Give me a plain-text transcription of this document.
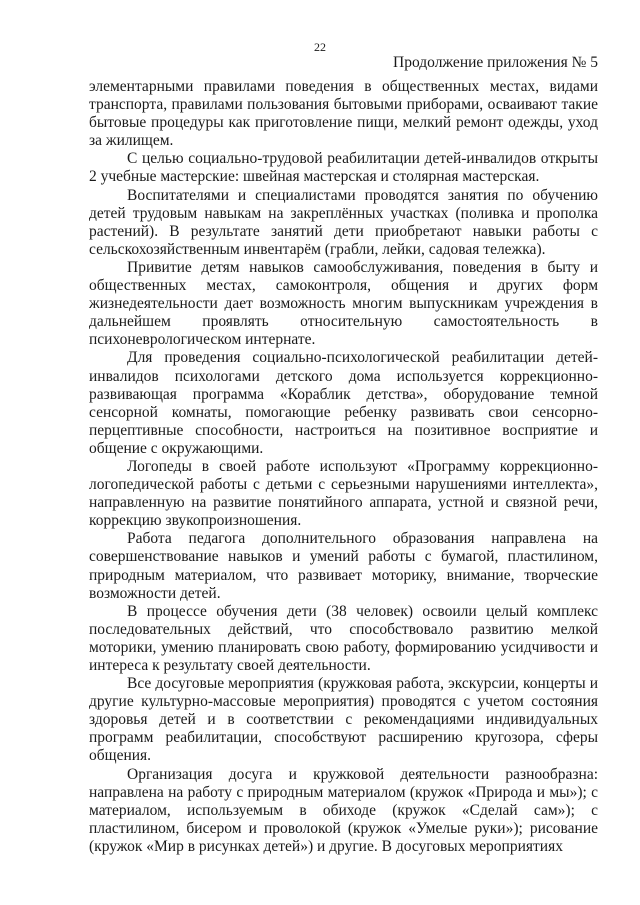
22
Продолжение приложения № 5

элементарными правилами поведения в общественных местах, видами транспорта, правилами пользования бытовыми приборами, осваивают такие бытовые процедуры как приготовление пищи, мелкий ремонт одежды, уход за жилищем.

С целью социально-трудовой реабилитации детей-инвалидов открыты 2 учебные мастерские: швейная мастерская и столярная мастерская.

Воспитателями и специалистами проводятся занятия по обучению детей трудовым навыкам на закреплённых участках (поливка и прополка растений). В результате занятий дети приобретают навыки работы с сельскохозяйственным инвентарём (грабли, лейки, садовая тележка).

Привитие детям навыков самообслуживания, поведения в быту и общественных местах, самоконтроля, общения и других форм жизнедеятельности дает возможность многим выпускникам учреждения в дальнейшем проявлять относительную самостоятельность в психоневрологическом интернате.

Для проведения социально-психологической реабилитации детей-инвалидов психологами детского дома используется коррекционно-развивающая программа «Кораблик детства», оборудование темной сенсорной комнаты, помогающие ребенку развивать свои сенсорно-перцептивные способности, настроиться на позитивное восприятие и общение с окружающими.

Логопеды в своей работе используют «Программу коррекционно-логопедической работы с детьми с серьезными нарушениями интеллекта», направленную на развитие понятийного аппарата, устной и связной речи, коррекцию звукопроизношения.

Работа педагога дополнительного образования направлена на совершенствование навыков и умений работы с бумагой, пластилином, природным материалом, что развивает моторику, внимание, творческие возможности детей.

В процессе обучения дети (38 человек) освоили целый комплекс последовательных действий, что способствовало развитию мелкой моторики, умению планировать свою работу, формированию усидчивости и интереса к результату своей деятельности.

Все досуговые мероприятия (кружковая работа, экскурсии, концерты и другие культурно-массовые мероприятия) проводятся с учетом состояния здоровья детей и в соответствии с рекомендациями индивидуальных программ реабилитации, способствуют расширению кругозора, сферы общения.

Организация досуга и кружковой деятельности разнообразна: направлена на работу с природным материалом (кружок «Природа и мы»); с материалом, используемым в обиходе (кружок «Сделай сам»); с пластилином, бисером и проволокой (кружок «Умелые руки»); рисование (кружок «Мир в рисунках детей») и другие. В досуговых мероприятиях
